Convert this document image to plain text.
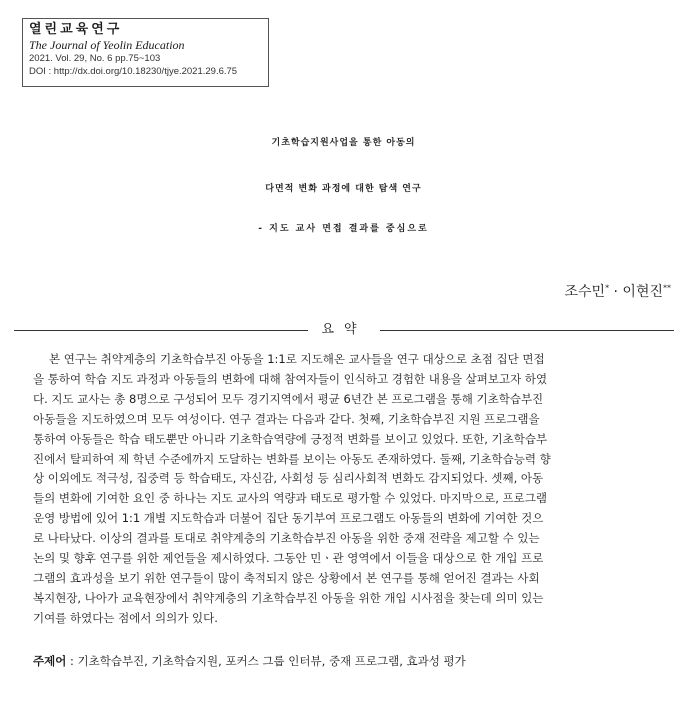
열린교육연구
The Journal of Yeolin Education
2021. Vol. 29, No. 6 pp.75~103
DOI : http://dx.doi.org/10.18230/tjye.2021.29.6.75
기초학습지원사업을 통한 아동의
다면적 변화 과정에 대한 탐색 연구
- 지도 교사 면접 결과를 중심으로
조수민* · 이현진**
요약
본 연구는 취약계층의 기초학습부진 아동을 1:1로 지도해온 교사들을 연구 대상으로 초점 집단 면접
을 통하여 학습 지도 과정과 아동들의 변화에 대해 참여자들이 인식하고 경험한 내용을 살펴보고자 하였
다. 지도 교사는 총 8명으로 구성되어 모두 경기지역에서 평균 6년간 본 프로그램을 통해 기초학습부진
아동들을 지도하였으며 모두 여성이다. 연구 결과는 다음과 같다. 첫째, 기초학습부진 지원 프로그램을
통하여 아동들은 학습 태도뿐만 아니라 기초학습역량에 긍정적 변화를 보이고 있었다. 또한, 기초학습부
진에서 탈피하여 제 학년 수준에까지 도달하는 변화를 보이는 아동도 존재하였다. 둘째, 기초학습능력 향
상 이외에도 적극성, 집중력 등 학습태도, 자신감, 사회성 등 심리사회적 변화도 감지되었다. 셋째, 아동
들의 변화에 기여한 요인 중 하나는 지도 교사의 역량과 태도로 평가할 수 있었다. 마지막으로, 프로그램
운영 방법에 있어 1:1 개별 지도학습과 더불어 집단 동기부여 프로그램도 아동들의 변화에 기여한 것으
로 나타났다. 이상의 결과를 토대로 취약계층의 기초학습부진 아동을 위한 중재 전략을 제고할 수 있는
논의 및 향후 연구를 위한 제언들을 제시하였다. 그동안 민ㆍ관 영역에서 이들을 대상으로 한 개입 프로
그램의 효과성을 보기 위한 연구들이 많이 축적되지 않은 상황에서 본 연구를 통해 얻어진 결과는 사회
복지현장, 나아가 교육현장에서 취약계층의 기초학습부진 아동을 위한 개입 시사점을 찾는데 의미 있는
기여를 하였다는 점에서 의의가 있다.
주제어 : 기초학습부진, 기초학습지원, 포커스 그룹 인터뷰, 중재 프로그램, 효과성 평가
